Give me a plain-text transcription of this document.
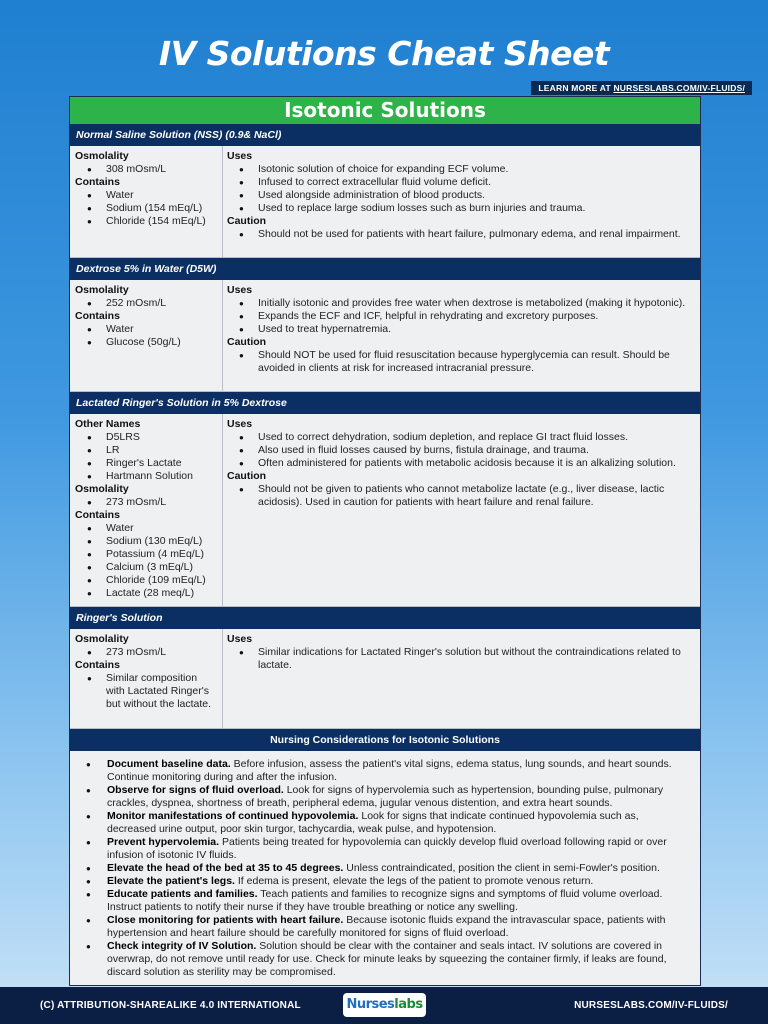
IV Solutions Cheat Sheet
LEARN MORE AT NURSESLABS.COM/IV-FLUIDS/
Isotonic Solutions
Normal Saline Solution (NSS) (0.9& NaCl)
Osmolality
● 308 mOsm/L
Contains
● Water
● Sodium (154 mEq/L)
● Chloride (154 mEq/L)
Uses
● Isotonic solution of choice for expanding ECF volume.
● Infused to correct extracellular fluid volume deficit.
● Used alongside administration of blood products.
● Used to replace large sodium losses such as burn injuries and trauma.
Caution
● Should not be used for patients with heart failure, pulmonary edema, and renal impairment.
Dextrose 5% in Water (D5W)
Osmolality
● 252 mOsm/L
Contains
● Water
● Glucose (50g/L)
Uses
● Initially isotonic and provides free water when dextrose is metabolized (making it hypotonic).
● Expands the ECF and ICF, helpful in rehydrating and excretory purposes.
● Used to treat hypernatremia.
Caution
● Should NOT be used for fluid resuscitation because hyperglycemia can result. Should be avoided in clients at risk for increased intracranial pressure.
Lactated Ringer's Solution in 5% Dextrose
Other Names
● D5LRS
● LR
● Ringer's Lactate
● Hartmann Solution
Osmolality
● 273 mOsm/L
Contains
● Water
● Sodium (130 mEq/L)
● Potassium (4 mEq/L)
● Calcium (3 mEq/L)
● Chloride (109 mEq/L)
● Lactate (28 meq/L)
Uses
● Used to correct dehydration, sodium depletion, and replace GI tract fluid losses.
● Also used in fluid losses caused by burns, fistula drainage, and trauma.
● Often administered for patients with metabolic acidosis because it is an alkalizing solution.
Caution
● Should not be given to patients who cannot metabolize lactate (e.g., liver disease, lactic acidosis). Used in caution for patients with heart failure and renal failure.
Ringer's Solution
Osmolality
● 273 mOsm/L
Contains
● Similar composition with Lactated Ringer's but without the lactate.
Uses
● Similar indications for Lactated Ringer's solution but without the contraindications related to lactate.
Nursing Considerations for Isotonic Solutions
● Document baseline data. Before infusion, assess the patient's vital signs, edema status, lung sounds, and heart sounds. Continue monitoring during and after the infusion.
● Observe for signs of fluid overload. Look for signs of hypervolemia such as hypertension, bounding pulse, pulmonary crackles, dyspnea, shortness of breath, peripheral edema, jugular venous distention, and extra heart sounds.
● Monitor manifestations of continued hypovolemia. Look for signs that indicate continued hypovolemia such as, decreased urine output, poor skin turgor, tachycardia, weak pulse, and hypotension.
● Prevent hypervolemia. Patients being treated for hypovolemia can quickly develop fluid overload following rapid or over infusion of isotonic IV fluids.
● Elevate the head of the bed at 35 to 45 degrees. Unless contraindicated, position the client in semi-Fowler's position.
● Elevate the patient's legs. If edema is present, elevate the legs of the patient to promote venous return.
● Educate patients and families. Teach patients and families to recognize signs and symptoms of fluid volume overload. Instruct patients to notify their nurse if they have trouble breathing or notice any swelling.
● Close monitoring for patients with heart failure. Because isotonic fluids expand the intravascular space, patients with hypertension and heart failure should be carefully monitored for signs of fluid overload.
● Check integrity of IV Solution. Solution should be clear with the container and seals intact. IV solutions are covered in overwrap, do not remove until ready for use. Check for minute leaks by squeezing the container firmly, if leaks are found, discard solution as sterility may be compromised.
(C) ATTRIBUTION-SHAREALIKE 4.0 INTERNATIONAL	Nurseslabs	NURSESLABS.COM/IV-FLUIDS/
